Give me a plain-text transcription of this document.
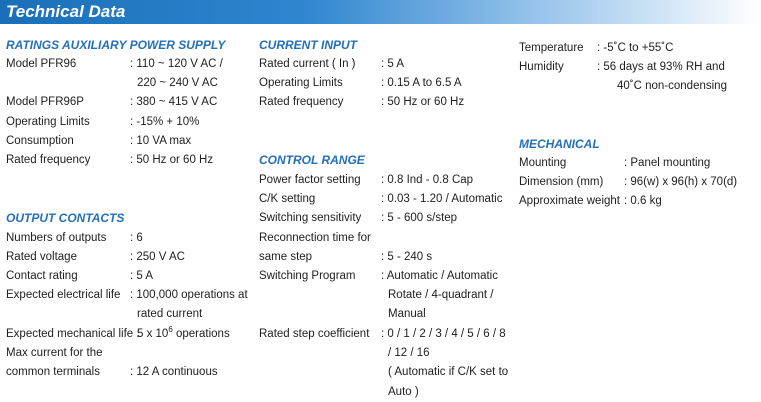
Technical Data
RATINGS AUXILIARY POWER SUPPLY
Model PFR96	: 110 ~ 120 V AC /
220 ~ 240 V AC
Model PFR96P	: 380 ~ 415 V AC
Operating Limits	: -15% + 10%
Consumption	: 10 VA max
Rated frequency	: 50 Hz or 60 Hz
OUTPUT CONTACTS
Numbers of outputs : 6
Rated voltage	: 250 V AC
Contact rating	: 5 A
Expected electrical life : 100,000 operations at
rated current
Expected mechanical life :
5 x $10^6$ operations
Max current for the
common terminals	: 12 A continuous
CURRENT INPUT
Rated current ( In ) : 5 A
Operating Limits	: 0.15 A to 6.5 A
Rated frequency	: 50 Hz or 60 Hz
CONTROL RANGE
Power factor setting : 0.8 Ind - 0.8 Cap
C/K setting	: 0.03 - 1.20 / Automatic
Switching sensitivity : 5 - 600 s/step
Reconnection time for
same step	: 5 - 240 s
Switching Program : Automatic / Automatic
Rotate / 4-quadrant /
Manual
Rated step coefficient : 0 / 1 / 2 / 3 / 4 / 5 / 6 / 8
/ 12 / 16
( Automatic if C/K set to
Auto )
Temperature : -5˚C to +55˚C
Humidity	: 56 days at 93% RH and
40˚C non-condensing
MECHANICAL
Mounting	: Panel mounting
Dimension (mm) : 96(w) x 96(h) x 70(d)
Approximate weight : 0.6 kg
